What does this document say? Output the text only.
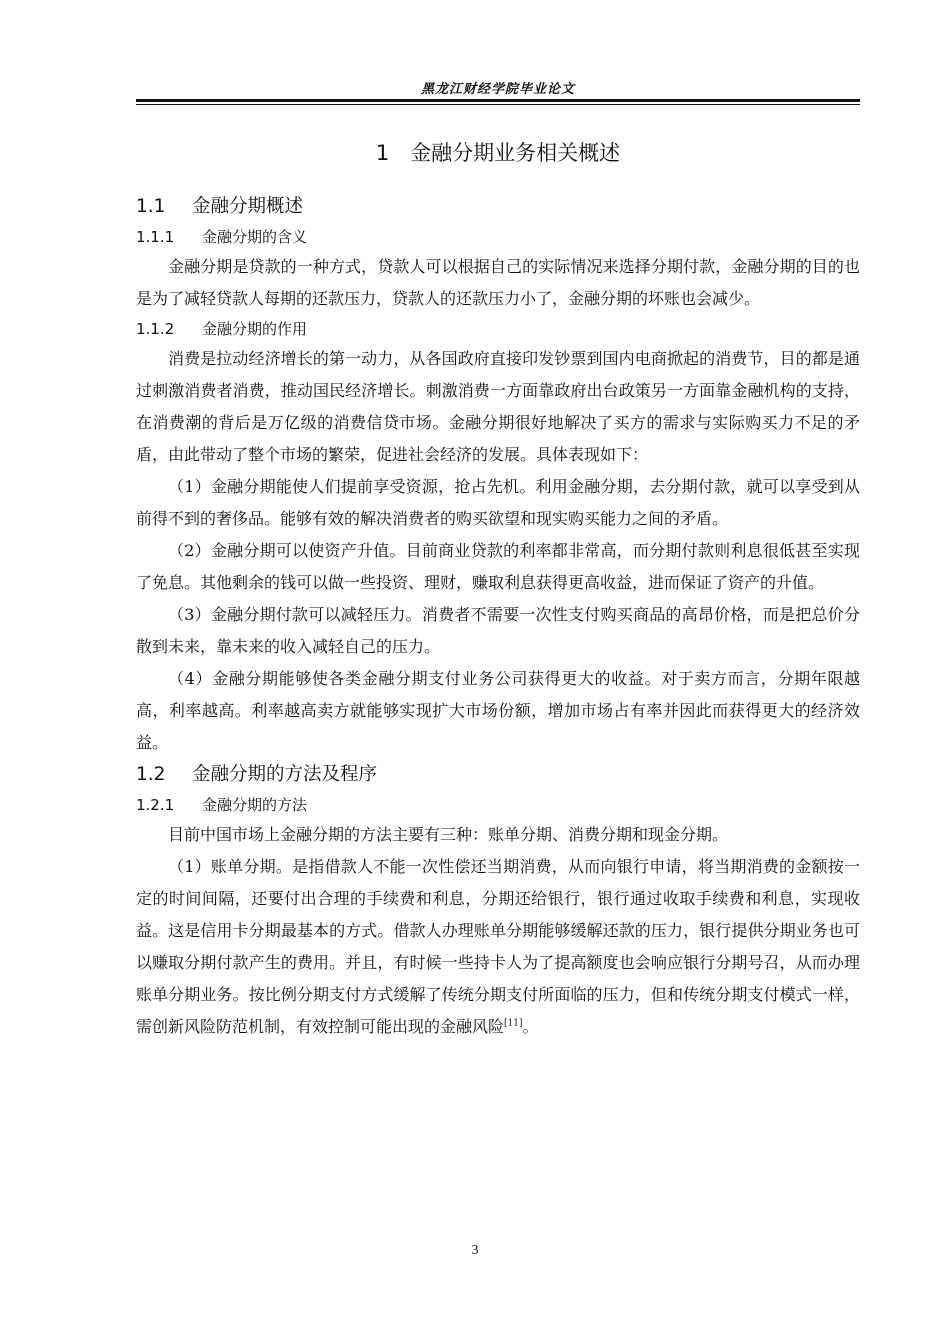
黑龙江财经学院毕业论文
1　 金融分期业务相关概述
1.1 金融分期概述
1.1.1 金融分期的含义

金融分期是贷款的一种方式，贷款人可以根据自己的实际情况来选择分期付款，金融分期的目的也是为了减轻贷款人每期的还款压力，贷款人的还款压力小了，金融分期的坏账也会减少。

1.1.2 金融分期的作用

消费是拉动经济增长的第一动力，从各国政府直接印发钞票到国内电商掀起的消费节，目的都是通过刺激消费者消费，推动国民经济增长。刺激消费一方面靠政府出台政策另一方面靠金融机构的支持，在消费潮的背后是万亿级的消费信贷市场。金融分期很好地解决了买方的需求与实际购买力不足的矛盾，由此带动了整个市场的繁荣，促进社会经济的发展。具体表现如下：

（1）金融分期能使人们提前享受资源，抢占先机。利用金融分期，去分期付款，就可以享受到从前得不到的奢侈品。能够有效的解决消费者的购买欲望和现实购买能力之间的矛盾。

（2）金融分期可以使资产升值。目前商业贷款的利率都非常高，而分期付款则利息很低甚至实现了免息。其他剩余的钱可以做一些投资、理财，赚取利息获得更高收益，进而保证了资产的升值。

（3）金融分期付款可以减轻压力。消费者不需要一次性支付购买商品的高昂价格，而是把总价分散到未来，靠未来的收入减轻自己的压力。

（4）金融分期能够使各类金融分期支付业务公司获得更大的收益。对于卖方而言，分期年限越高，利率越高。利率越高卖方就能够实现扩大市场份额，增加市场占有率并因此而获得更大的经济效益。

1.2 金融分期的方法及程序
1.2.1 金融分期的方法

目前中国市场上金融分期的方法主要有三种：账单分期、消费分期和现金分期。

（1）账单分期。是指借款人不能一次性偿还当期消费，从而向银行申请，将当期消费的金额按一定的时间间隔，还要付出合理的手续费和利息，分期还给银行，银行通过收取手续费和利息，实现收益。这是信用卡分期最基本的方式。借款人办理账单分期能够缓解还款的压力，银行提供分期业务也可以赚取分期付款产生的费用。并且，有时候一些持卡人为了提高额度也会响应银行分期号召，从而办理账单分期业务。按比例分期支付方式缓解了传统分期支付所面临的压力，但和传统分期支付模式一样，需创新风险防范机制，有效控制可能出现的金融风险[11]。

3
